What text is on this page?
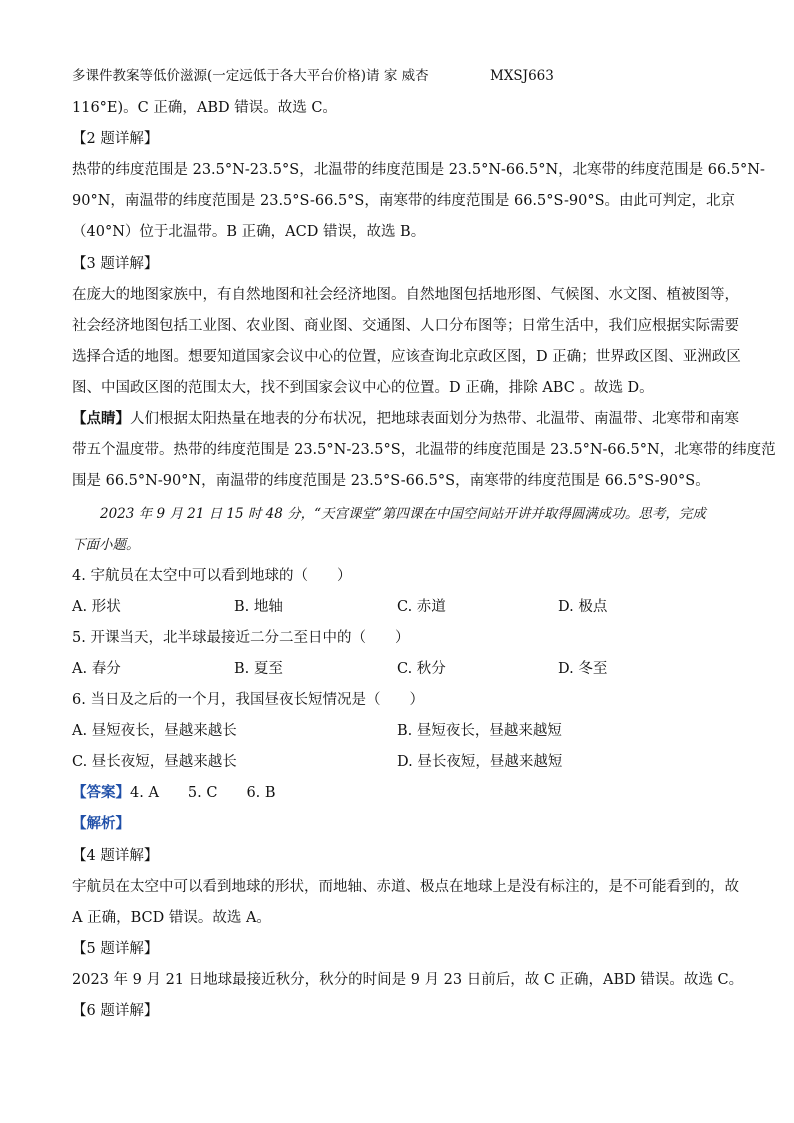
多课件教案等低价滋源(一定远低于各大平台价格)请 家 威杏	MXSJ663
116°E)。C 正确，ABD 错误。故选 C。
【2 题详解】
热带的纬度范围是 23.5°N-23.5°S，北温带的纬度范围是 23.5°N-66.5°N，北寒带的纬度范围是 66.5°N-
90°N，南温带的纬度范围是 23.5°S-66.5°S，南寒带的纬度范围是 66.5°S-90°S。由此可判定，北京
（40°N）位于北温带。B 正确，ACD 错误，故选 B。
【3 题详解】
在庞大的地图家族中，有自然地图和社会经济地图。自然地图包括地形图、气候图、水文图、植被图等，
社会经济地图包括工业图、农业图、商业图、交通图、人口分布图等；日常生活中，我们应根据实际需要
选择合适的地图。想要知道国家会议中心的位置，应该查询北京政区图，D 正确；世界政区图、亚洲政区
图、中国政区图的范围太大，找不到国家会议中心的位置。D 正确，排除 ABC 。故选 D。
【点睛】人们根据太阳热量在地表的分布状况，把地球表面划分为热带、北温带、南温带、北寒带和南寒
带五个温度带。热带的纬度范围是 23.5°N-23.5°S，北温带的纬度范围是 23.5°N-66.5°N，北寒带的纬度范
围是 66.5°N-90°N，南温带的纬度范围是 23.5°S-66.5°S，南寒带的纬度范围是 66.5°S-90°S。
2023 年 9 月 21 日 15 时 48 分，“天宫课堂”第四课在中国空间站开讲并取得圆满成功。思考，完成
下面小题。
4. 宇航员在太空中可以看到地球的（　　）
A. 形状	B. 地轴	C. 赤道	D. 极点
5. 开课当天，北半球最接近二分二至日中的（　　）
A. 春分	B. 夏至	C. 秋分	D. 冬至
6. 当日及之后的一个月，我国昼夜长短情况是（　　）
A. 昼短夜长，昼越来越长	B. 昼短夜长，昼越来越短
C. 昼长夜短，昼越来越长	D. 昼长夜短，昼越来越短
【答案】4. A　　5. C　　6. B
【解析】
【4 题详解】
宇航员在太空中可以看到地球的形状，而地轴、赤道、极点在地球上是没有标注的，是不可能看到的，故
A 正确，BCD 错误。故选 A。
【5 题详解】
2023 年 9 月 21 日地球最接近秋分，秋分的时间是 9 月 23 日前后，故 C 正确，ABD 错误。故选 C。
【6 题详解】
